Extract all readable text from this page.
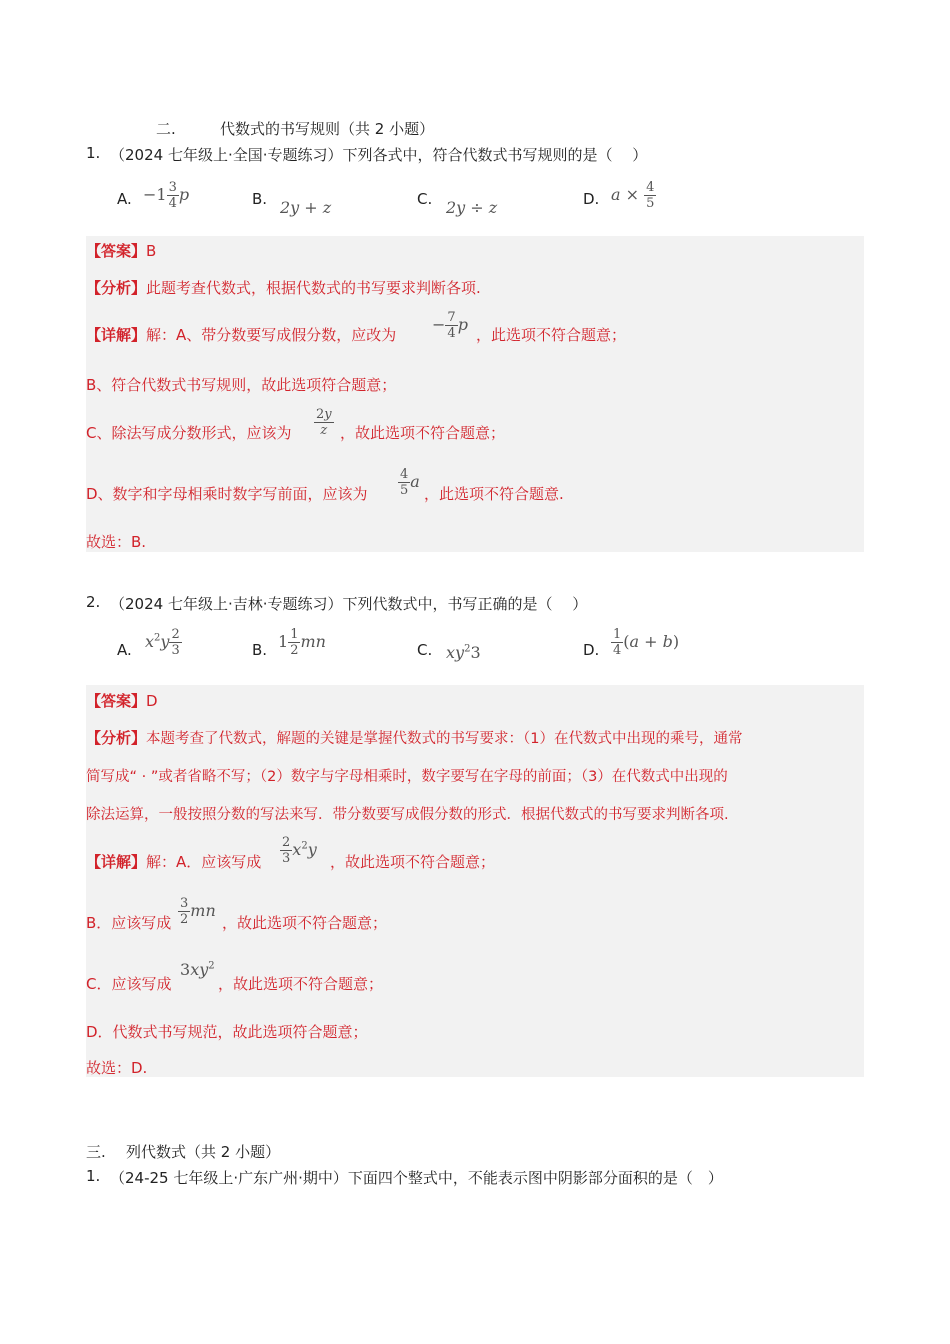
二.	代数式的书写规则（共 2 小题）
1. （2024 七年级上·全国·专题练习）下列各式中，符合代数式书写规则的是（　 ）
A. $-1 \frac{3}{4}$ p	B. 2y + z	C. 2y ÷ z	D. $a \times \frac{4}{5}$
【答案】B
【分析】此题考查代数式，根据代数式的书写要求判断各项.
【详解】解：A、带分数要写成假分数，应改为
− $\frac{7}{4}$ p
，此选项不符合题意；
B、符合代数式书写规则，故此选项符合题意；
C、除法写成分数形式，应该为 $\frac{2y}{z}$ ，故此选项不符合题意；
D、数字和字母相乘时数字写前面，应该为 $\frac{4}{5}$ a
，此选项不符合题意.
故选：B.
2. （2024 七年级上·吉林·专题练习）下列代数式中，书写正确的是（　 ）
A. $x^2y \frac{2}{3}$	B. $1 \frac{1}{2}$ mn	C. $xy^23$	D. $\frac{1}{4} (a + b)$
【答案】D
【分析】本题考查了代数式，解题的关键是掌握代数式的书写要求：（1）在代数式中出现的乘号，通常
简写成“ · ”或者省略不写；（2）数字与字母相乘时，数字要写在字母的前面；（3）在代数式中出现的
除法运算，一般按照分数的写法来写．带分数要写成假分数的形式．根据代数式的书写要求判断各项.
【详解】解：A．应该写成 $\frac{2}{3} x^2y$
，故此选项不符合题意；
B．应该写成 $\frac{3}{2}$ mn
，故此选项不符合题意；
C．应该写成
$3xy^2$
，故此选项不符合题意；
D．代数式书写规范，故此选项符合题意；
故选：D.
三. 列代数式（共 2 小题）
1. （24-25 七年级上·广东广州·期中）下面四个整式中，不能表示图中阴影部分面积的是（　）
